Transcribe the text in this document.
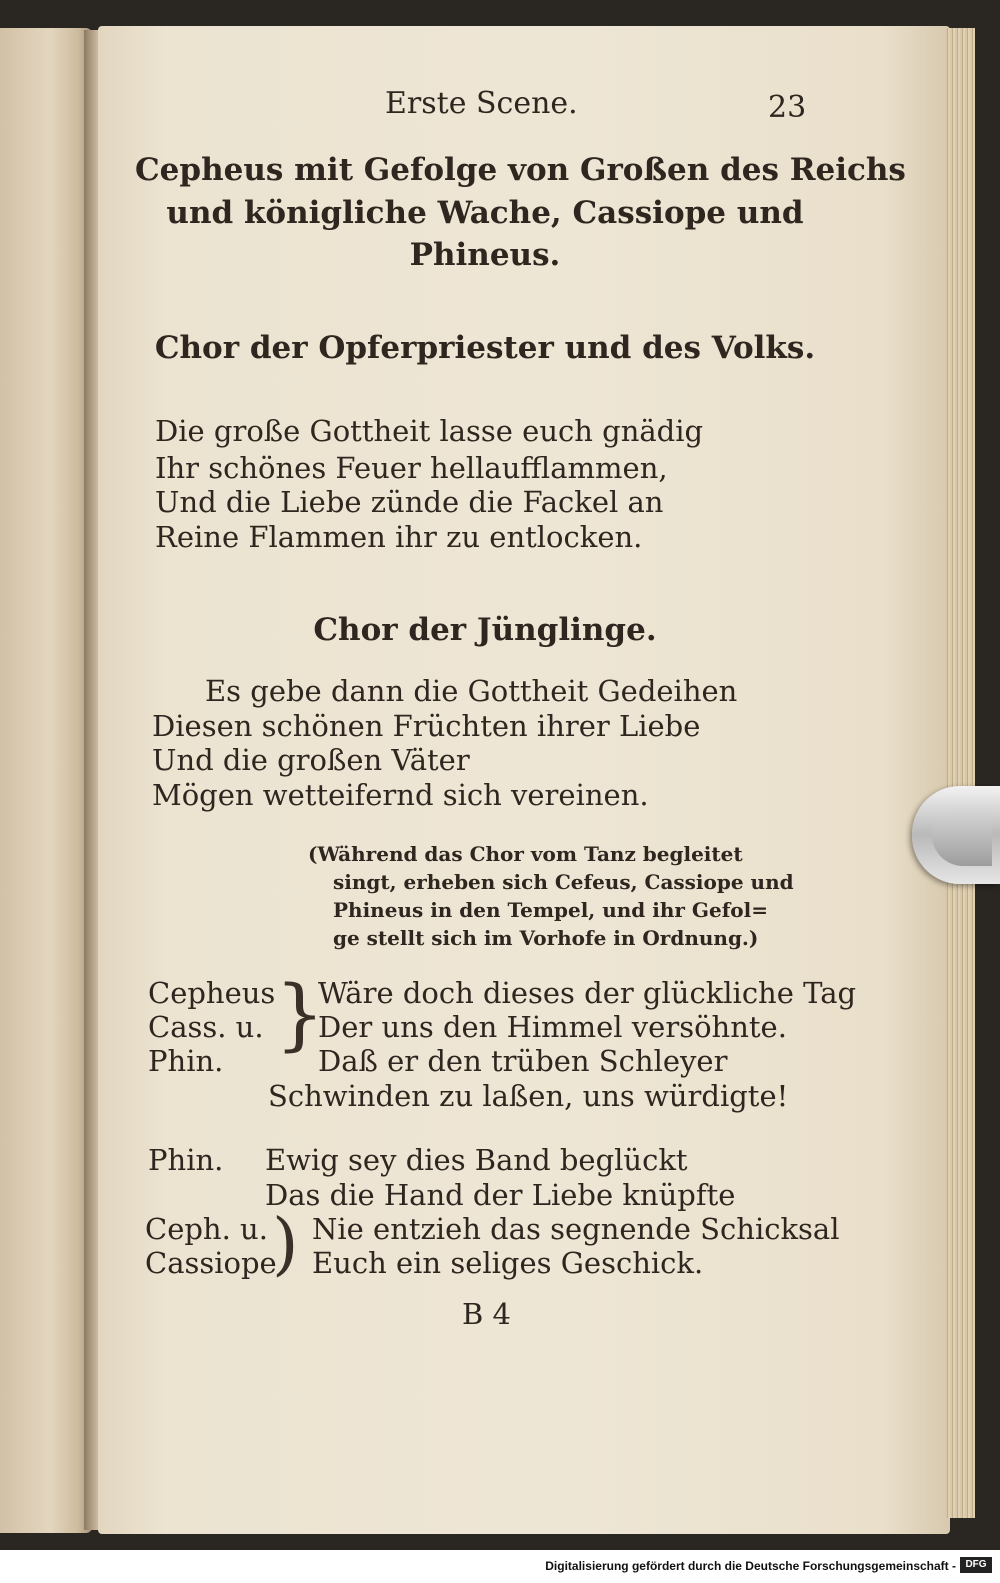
Erste Scene.	23
Cepheus mit Gefolge von Großen des Reichs
und königliche Wache, Cassiope und
Phineus.
Chor der Opferpriester und des Volks.
Die große Gottheit lasse euch gnädig
Ihr schönes Feuer hellaufflammen,
Und die Liebe zünde die Fackel an
Reine Flammen ihr zu entlocken.
Chor der Jünglinge.
Es gebe dann die Gottheit Gedeihen
Diesen schönen Früchten ihrer Liebe
Und die großen Väter
Mögen wetteifernd sich vereinen.
(Während das Chor vom Tanz begleitet
singt, erheben sich Cefeus, Cassiope und
Phineus in den Tempel, und ihr Gefol=
ge stellt sich im Vorhofe in Ordnung.)
Cepheus
Cass. u.
Phin.
}
Wäre doch dieses der glückliche Tag
Der uns den Himmel versöhnte.
Daß er den trüben Schleyer
Schwinden zu laßen, uns würdigte!
Phin. Ewig sey dies Band beglückt
Das die Hand der Liebe knüpfte
Ceph. u.
Cassiope
) Nie entzieh das segnende Schicksal
Euch ein seliges Geschick.
B 4
Digitalisierung gefördert durch die Deutsche Forschungsgemeinschaft - DFG
